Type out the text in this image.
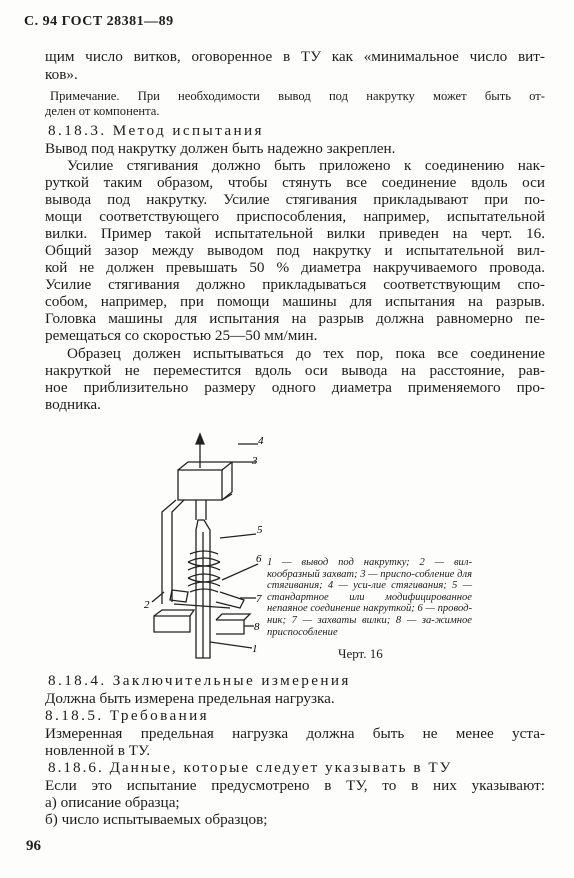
С. 94 ГОСТ 28381—89
щим число витков, оговоренное в ТУ как «минимальное число вит-
ков».
Примечание. При необходимости вывод под накрутку может быть от-
делен от компонента.
8.18.3. Метод испытания
Вывод под накрутку должен быть надежно закреплен.
Усилие стягивания должно быть приложено к соединению нак-
руткой таким образом, чтобы стянуть все соединение вдоль оси
вывода под накрутку. Усилие стягивания прикладывают при по-
мощи соответствующего приспособления, например, испытательной
вилки. Пример такой испытательной вилки приведен на черт. 16.
Общий зазор между выводом под накрутку и испытательной вил-
кой не должен превышать 50 % диаметра накручиваемого провода.
Усилие стягивания должно прикладываться соответствующим спо-
собом, например, при помощи машины для испытания на разрыв.
Головка машины для испытания на разрыв должна равномерно пе-
ремещаться со скоростью 25—50 мм/мин.
Образец должен испытываться до тех пор, пока все соединение
накруткой не переместится вдоль оси вывода на расстояние, рав-
ное приблизительно размеру одного диаметра применяемого про-
водника.
4
3
5
6
7
8
1
2
1 — вывод под накрутку; 2 — вил-кообразный захват; 3 — приспо-собление для стягивания; 4 — уси-лие стягивания; 5 — стандартное или модифицированное непаяное соединение накруткой; 6 — провод-ник; 7 — захваты вилки; 8 — за-жимное приспособление
Черт. 16
8.18.4. Заключительные измерения
Должна быть измерена предельная нагрузка.
8.18.5. Требования
Измеренная предельная нагрузка должна быть не менее уста-
новленной в ТУ.
8.18.6. Данные, которые следует указывать в ТУ
Если это испытание предусмотрено в ТУ, то в них указывают:
а) описание образца;
б) число испытываемых образцов;
96
